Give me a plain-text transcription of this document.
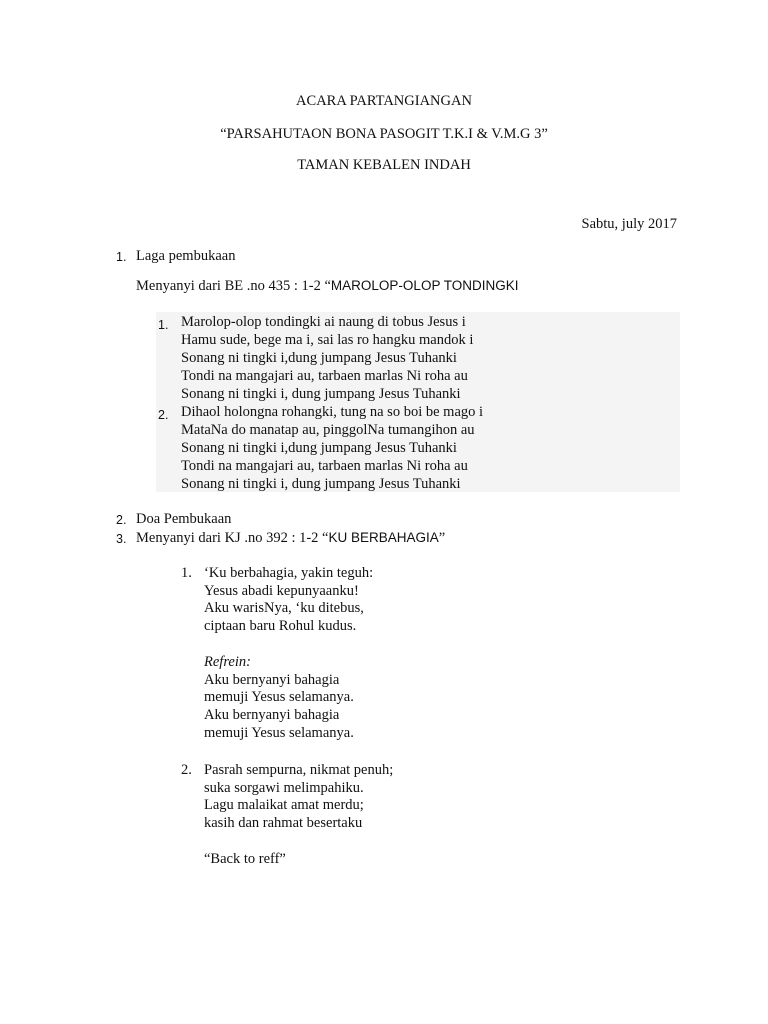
ACARA PARTANGIANGAN
“PARSAHUTAON BONA PASOGIT T.K.I & V.M.G 3”
TAMAN KEBALEN INDAH
Sabtu, july 2017
1. Laga pembukaan
Menyanyi dari BE .no 435 : 1-2 “MAROLOP-OLOP TONDINGKI
1. Marolop-olop tondingki ai naung di tobus Jesus i
Hamu sude, bege ma i, sai las ro hangku mandok i
Sonang ni tingki i,dung jumpang Jesus Tuhanki
Tondi na mangajari au, tarbaen marlas Ni roha au
Sonang ni tingki i, dung jumpang Jesus Tuhanki
2. Dihaol holongna rohangki, tung na so boi be mago i
MataNa do manatap au, pinggolNa tumangihon au
Sonang ni tingki i,dung jumpang Jesus Tuhanki
Tondi na mangajari au, tarbaen marlas Ni roha au
Sonang ni tingki i, dung jumpang Jesus Tuhanki
2. Doa Pembukaan
3. Menyanyi dari KJ .no 392 : 1-2 “KU BERBAHAGIA”
1. ‘Ku berbahagia, yakin teguh:
Yesus abadi kepunyaanku!
Aku warisNya, ‘ku ditebus,
ciptaan baru Rohul kudus.
Refrein:
Aku bernyanyi bahagia
memuji Yesus selamanya.
Aku bernyanyi bahagia
memuji Yesus selamanya.
2. Pasrah sempurna, nikmat penuh;
suka sorgawi melimpahiku.
Lagu malaikat amat merdu;
kasih dan rahmat besertaku
“Back to reff”
